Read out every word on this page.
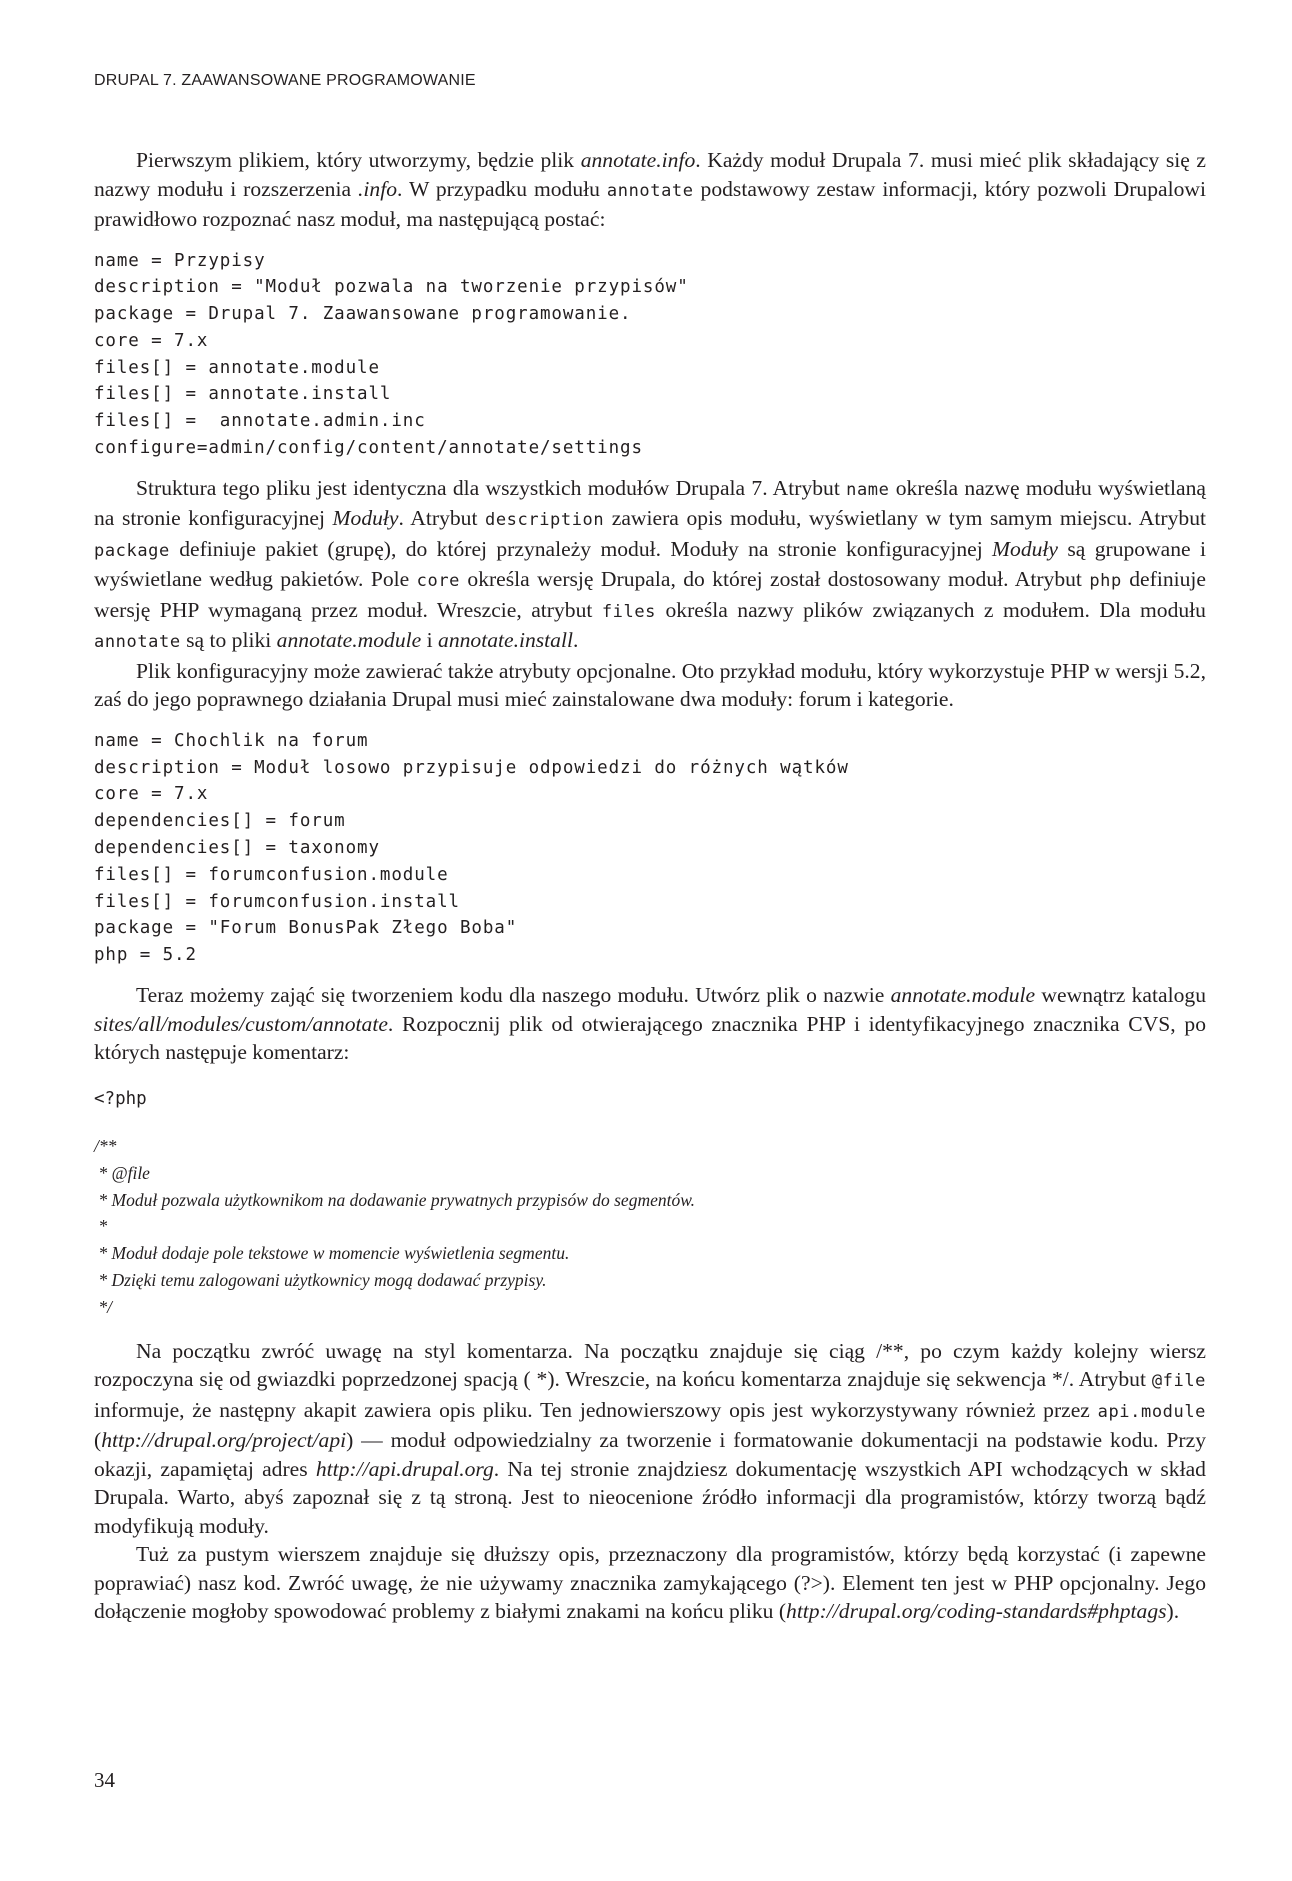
DRUPAL 7. ZAAWANSOWANE PROGRAMOWANIE

Pierwszym plikiem, który utworzymy, będzie plik annotate.info. Każdy moduł Drupala 7. musi mieć plik składający się z nazwy modułu i rozszerzenia .info. W przypadku modułu annotate podstawowy zestaw informacji, który pozwoli Drupalowi prawidłowo rozpoznać nasz moduł, ma następującą postać:

name = Przypisy
description = "Moduł pozwala na tworzenie przypisów"
package = Drupal 7. Zaawansowane programowanie.
core = 7.x
files[] = annotate.module
files[] = annotate.install
files[] =  annotate.admin.inc
configure=admin/config/content/annotate/settings

Struktura tego pliku jest identyczna dla wszystkich modułów Drupala 7. Atrybut name określa nazwę modułu wyświetlaną na stronie konfiguracyjnej Moduły. Atrybut description zawiera opis modułu, wyświetlany w tym samym miejscu. Atrybut package definiuje pakiet (grupę), do której przynależy moduł. Moduły na stronie konfiguracyjnej Moduły są grupowane i wyświetlane według pakietów. Pole core określa wersję Drupala, do której został dostosowany moduł. Atrybut php definiuje wersję PHP wymaganą przez moduł. Wreszcie, atrybut files określa nazwy plików związanych z modułem. Dla modułu annotate są to pliki annotate.module i annotate.install.

Plik konfiguracyjny może zawierać także atrybuty opcjonalne. Oto przykład modułu, który wykorzystuje PHP w wersji 5.2, zaś do jego poprawnego działania Drupal musi mieć zainstalowane dwa moduły: forum i kategorie.

name = Chochlik na forum
description = Moduł losowo przypisuje odpowiedzi do różnych wątków
core = 7.x
dependencies[] = forum
dependencies[] = taxonomy
files[] = forumconfusion.module
files[] = forumconfusion.install
package = "Forum BonusPak Złego Boba"
php = 5.2

Teraz możemy zająć się tworzeniem kodu dla naszego modułu. Utwórz plik o nazwie annotate.module wewnątrz katalogu sites/all/modules/custom/annotate. Rozpocznij plik od otwierającego znacznika PHP i identyfikacyjnego znacznika CVS, po których następuje komentarz:

<?php
/**
* @file
* Moduł pozwala użytkownikom na dodawanie prywatnych przypisów do segmentów.
*
* Moduł dodaje pole tekstowe w momencie wyświetlenia segmentu.
* Dzięki temu zalogowani użytkownicy mogą dodawać przypisy.
*/

Na początku zwróć uwagę na styl komentarza. Na początku znajduje się ciąg /**, po czym każdy kolejny wiersz rozpoczyna się od gwiazdki poprzedzonej spacją ( *). Wreszcie, na końcu komentarza znajduje się sekwencja */. Atrybut @file informuje, że następny akapit zawiera opis pliku. Ten jednowierszowy opis jest wykorzystywany również przez api.module (http://drupal.org/project/api) — moduł odpowiedzialny za tworzenie i formatowanie dokumentacji na podstawie kodu. Przy okazji, zapamiętaj adres http://api.drupal.org. Na tej stronie znajdziesz dokumentację wszystkich API wchodzących w skład Drupala. Warto, abyś zapoznał się z tą stroną. Jest to nieocenione źródło informacji dla programistów, którzy tworzą bądź modyfikują moduły.

Tuż za pustym wierszem znajduje się dłuższy opis, przeznaczony dla programistów, którzy będą korzystać (i zapewne poprawiać) nasz kod. Zwróć uwagę, że nie używamy znacznika zamykającego (?>). Element ten jest w PHP opcjonalny. Jego dołączenie mogłoby spowodować problemy z białymi znakami na końcu pliku (http://drupal.org/coding-standards#phptags).

34
